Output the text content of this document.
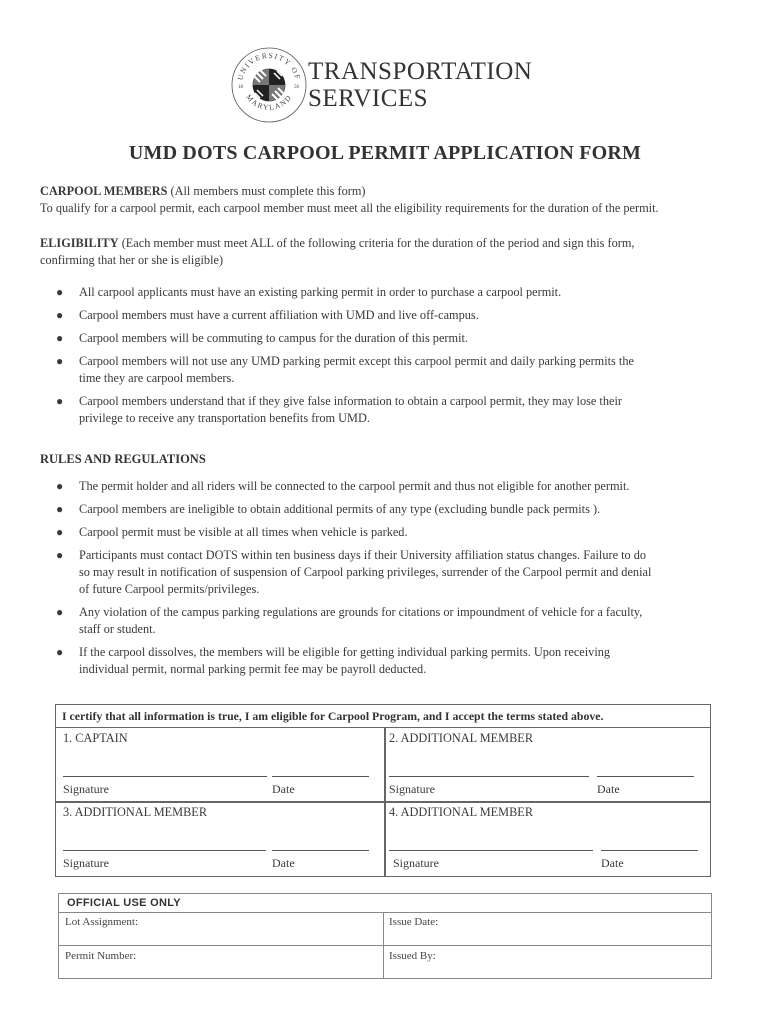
UNIVERSITY OF
MARYLAND
18	56
TRANSPORTATION
SERVICES
UMD DOTS CARPOOL PERMIT APPLICATION FORM
CARPOOL MEMBERS (All members must complete this form)
To qualify for a carpool permit, each carpool member must meet all the eligibility requirements for the duration of the permit.
ELIGIBILITY (Each member must meet ALL of the following criteria for the duration of the period and sign this form,
confirming that her or she is eligible)
● All carpool applicants must have an existing parking permit in order to purchase a carpool permit.
● Carpool members must have a current affiliation with UMD and live off-campus.
● Carpool members will be commuting to campus for the duration of this permit.
● Carpool members will not use any UMD parking permit except this carpool permit and daily parking permits the
time they are carpool members.
● Carpool members understand that if they give false information to obtain a carpool permit, they may lose their
privilege to receive any transportation benefits from UMD.
RULES AND REGULATIONS
● The permit holder and all riders will be connected to the carpool permit and thus not eligible for another permit.
● Carpool members are ineligible to obtain additional permits of any type (excluding bundle pack permits ).
● Carpool permit must be visible at all times when vehicle is parked.
● Participants must contact DOTS within ten business days if their University affiliation status changes. Failure to do
so may result in notification of suspension of Carpool parking privileges, surrender of the Carpool permit and denial
of future Carpool permits/privileges.
● Any violation of the campus parking regulations are grounds for citations or impoundment of vehicle for a faculty,
staff or student.
● If the carpool dissolves, the members will be eligible for getting individual parking permits. Upon receiving
individual permit, normal parking permit fee may be payroll deducted.
I certify that all information is true, I am eligible for Carpool Program, and I accept the terms stated above.
1. CAPTAIN
Signature	Date
2. ADDITIONAL MEMBER
Signature	Date
3. ADDITIONAL MEMBER
Signature	Date
4. ADDITIONAL MEMBER
Signature	Date
OFFICIAL USE ONLY
Lot Assignment:	Issue Date:
Permit Number:	Issued By:
